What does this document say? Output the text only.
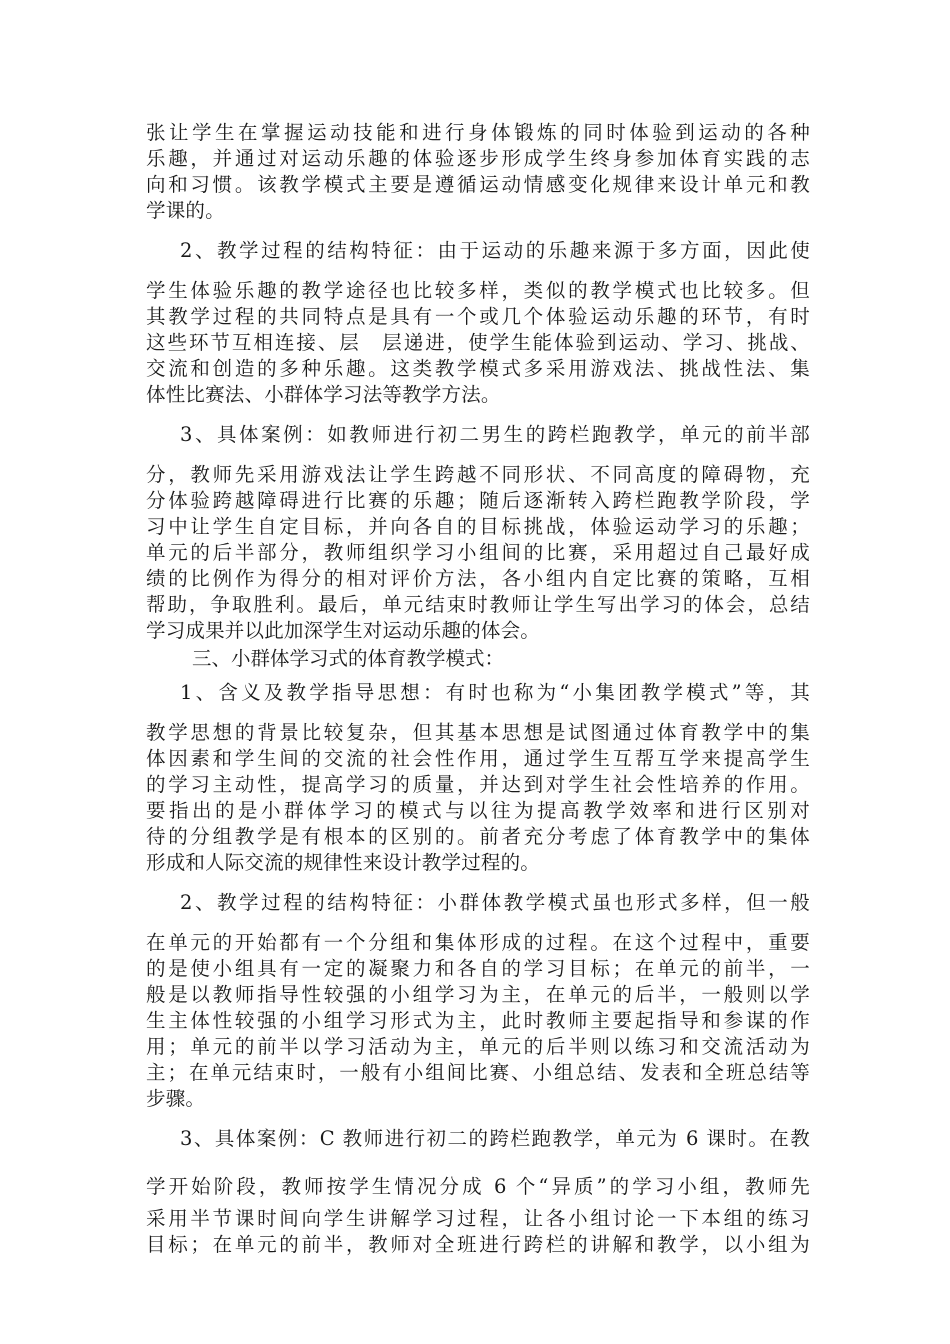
张让学生在掌握运动技能和进行身体锻炼的同时体验到运动的各种
乐趣，并通过对运动乐趣的体验逐步形成学生终身参加体育实践的志
向和习惯。该教学模式主要是遵循运动情感变化规律来设计单元和教
学课的。
2、教学过程的结构特征：由于运动的乐趣来源于多方面，因此使
学生体验乐趣的教学途径也比较多样，类似的教学模式也比较多。但
其教学过程的共同特点是具有一个或几个体验运动乐趣的环节，有时
这些环节互相连接、层　层递进，使学生能体验到运动、学习、挑战、
交流和创造的多种乐趣。这类教学模式多采用游戏法、挑战性法、集
体性比赛法、小群体学习法等教学方法。
3、具体案例：如教师进行初二男生的跨栏跑教学，单元的前半部
分，教师先采用游戏法让学生跨越不同形状、不同高度的障碍物，充
分体验跨越障碍进行比赛的乐趣；随后逐渐转入跨栏跑教学阶段，学
习中让学生自定目标，并向各自的目标挑战，体验运动学习的乐趣；
单元的后半部分，教师组织学习小组间的比赛，采用超过自己最好成
绩的比例作为得分的相对评价方法，各小组内自定比赛的策略，互相
帮助，争取胜利。最后，单元结束时教师让学生写出学习的体会，总结
学习成果并以此加深学生对运动乐趣的体会。

三、小群体学习式的体育教学模式：

1、含义及教学指导思想：有时也称为“小集团教学模式”等，其
教学思想的背景比较复杂，但其基本思想是试图通过体育教学中的集
体因素和学生间的交流的社会性作用，通过学生互帮互学来提高学生
的学习主动性，提高学习的质量，并达到对学生社会性培养的作用。
要指出的是小群体学习的模式与以往为提高教学效率和进行区别对
待的分组教学是有根本的区别的。前者充分考虑了体育教学中的集体
形成和人际交流的规律性来设计教学过程的。
2、教学过程的结构特征：小群体教学模式虽也形式多样，但一般
在单元的开始都有一个分组和集体形成的过程。在这个过程中，重要
的是使小组具有一定的凝聚力和各自的学习目标；在单元的前半，一
般是以教师指导性较强的小组学习为主，在单元的后半，一般则以学
生主体性较强的小组学习形式为主，此时教师主要起指导和参谋的作
用；单元的前半以学习活动为主，单元的后半则以练习和交流活动为
主；在单元结束时，一般有小组间比赛、小组总结、发表和全班总结等
步骤。
3、具体案例：C 教师进行初二的跨栏跑教学，单元为 6 课时。在教
学开始阶段，教师按学生情况分成 6 个“异质”的学习小组，教师先
采用半节课时间向学生讲解学习过程，让各小组讨论一下本组的练习
目标；在单元的前半，教师对全班进行跨栏的讲解和教学，以小组为
